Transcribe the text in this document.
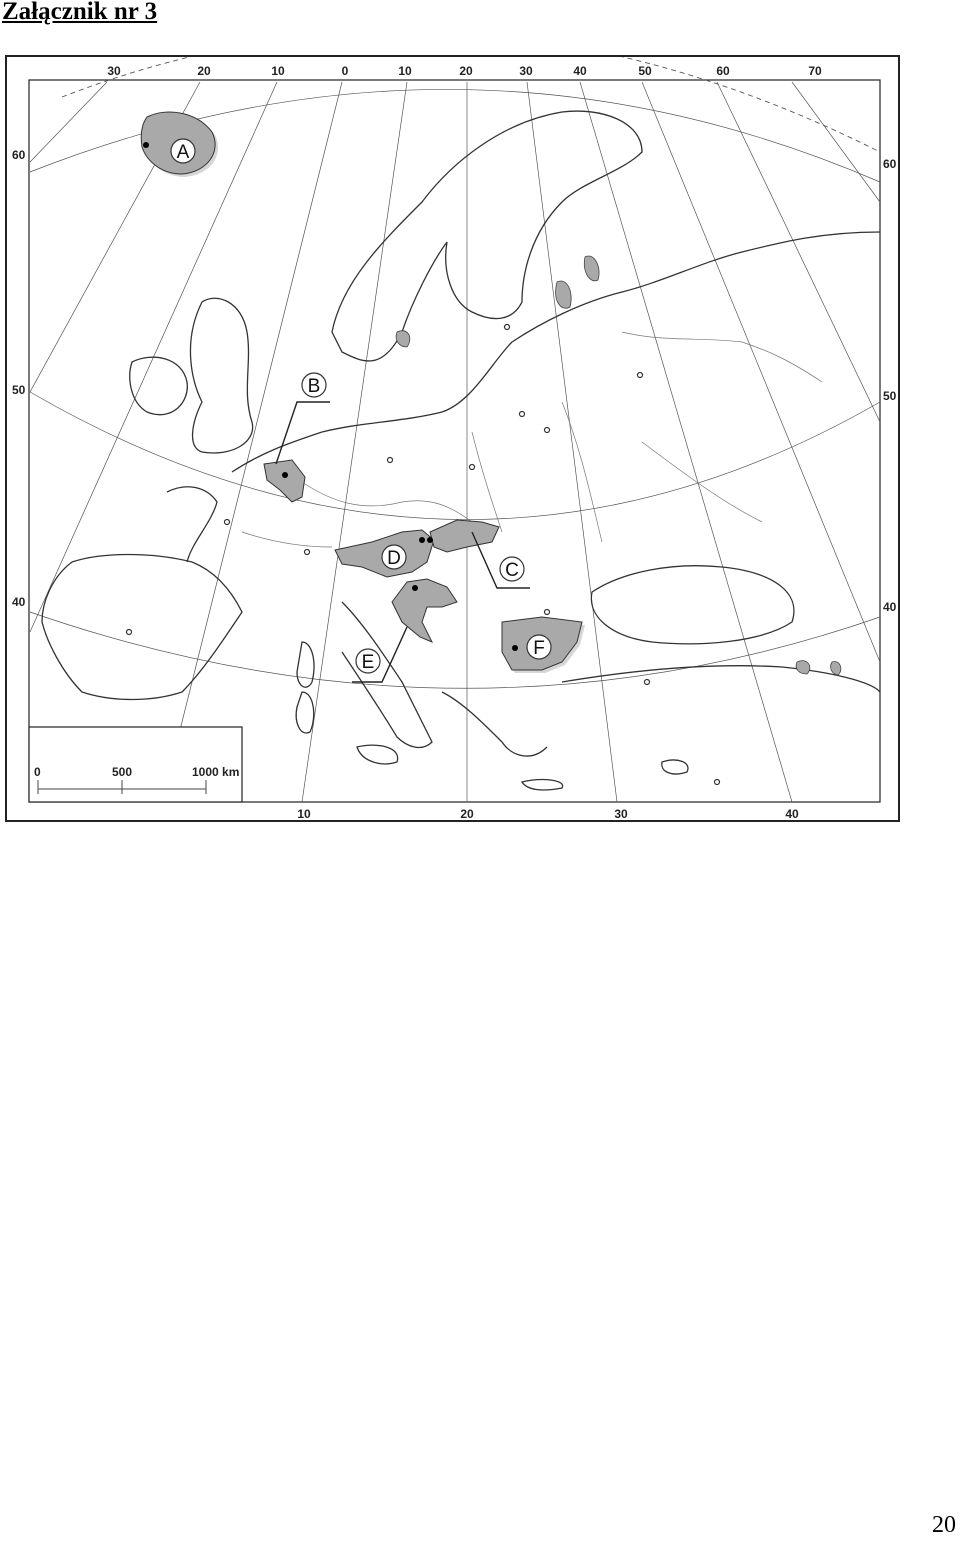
Załącznik nr 3
0	500	1000 km
A
B
C
D
E
F
30	20	10	0	10	20	30	40	50	60	70
10	20	30	40
60
50
40
60
50
40
20
